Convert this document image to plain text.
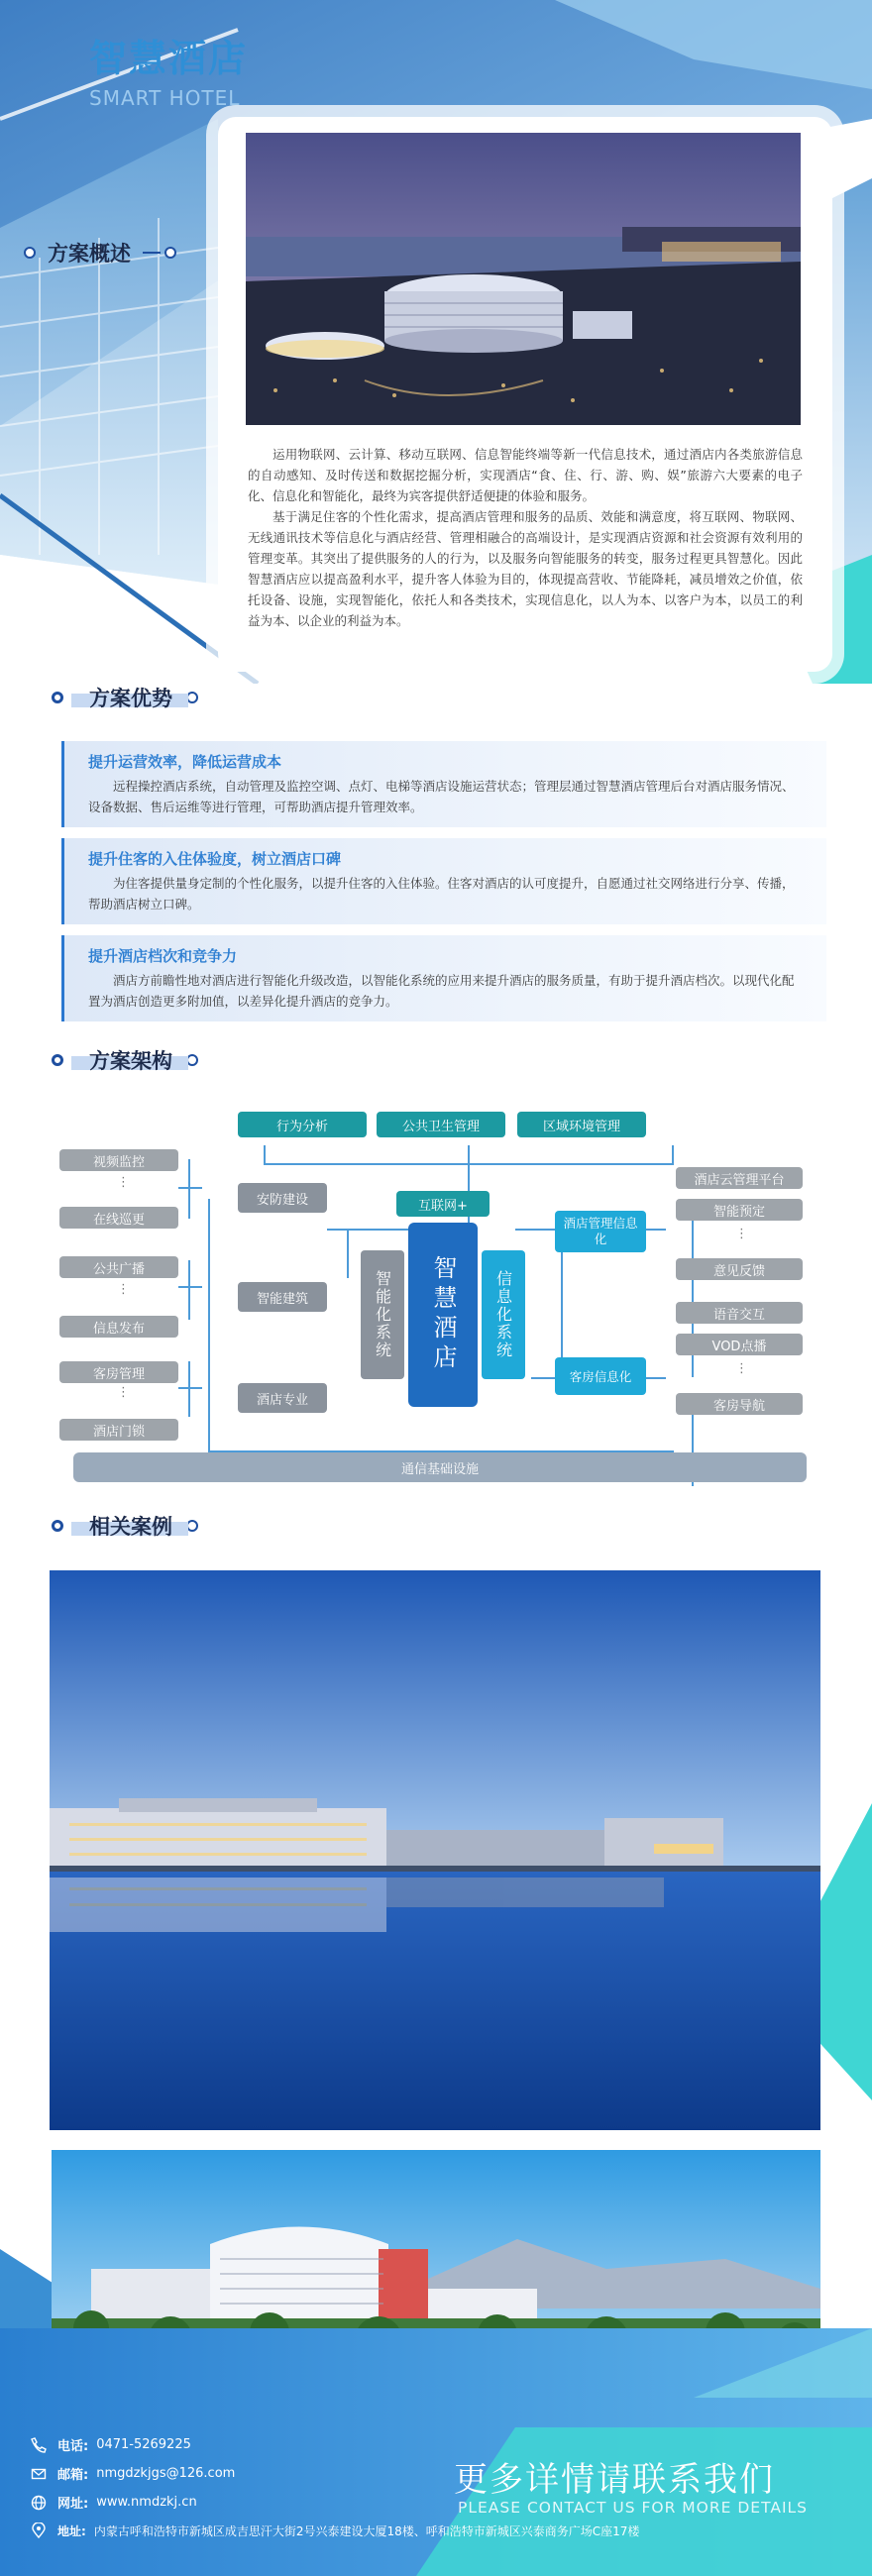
智慧酒店
SMART HOTEL
方案概述

运用物联网、云计算、移动互联网、信息智能终端等新一代信息技术，通过酒店内各类旅游信息的自动感知、及时传送和数据挖掘分析，实现酒店“食、住、行、游、购、娱”旅游六大要素的电子化、信息化和智能化，最终为宾客提供舒适便捷的体验和服务。

基于满足住客的个性化需求，提高酒店管理和服务的品质、效能和满意度，将互联网、物联网、无线通讯技术等信息化与酒店经营、管理相融合的高端设计，是实现酒店资源和社会资源有效利用的管理变革。其突出了提供服务的人的行为，以及服务向智能服务的转变，服务过程更具智慧化。因此智慧酒店应以提高盈利水平，提升客人体验为目的，体现提高营收、节能降耗，减员增效之价值，依托设备、设施，实现智能化，依托人和各类技术，实现信息化，以人为本、以客户为本，以员工的利益为本、以企业的利益为本。

方案优势
提升运营效率，降低运营成本

远程操控酒店系统，自动管理及监控空调、点灯、电梯等酒店设施运营状态；管理层通过智慧酒店管理后台对酒店服务情况、设备数据、售后运维等进行管理，可帮助酒店提升管理效率。

提升住客的入住体验度，树立酒店口碑

为住客提供量身定制的个性化服务，以提升住客的入住体验。住客对酒店的认可度提升，自愿通过社交网络进行分享、传播，帮助酒店树立口碑。

提升酒店档次和竞争力

酒店方前瞻性地对酒店进行智能化升级改造，以智能化系统的应用来提升酒店的服务质量，有助于提升酒店档次。以现代化配置为酒店创造更多附加值，以差异化提升酒店的竞争力。

方案架构
行为分析	公共卫生管理	区域环境管理
互联网+
智慧酒店
智能化系统	信息化系统
安防建设
智能建筑
酒店专业
视频监控
⋮
在线巡更
公共广播
⋮
信息发布
客房管理
⋮
酒店门锁
酒店管理信息化
客房信息化
酒店云管理平台
智能预定
⋮
意见反馈
语音交互
VOD点播
⋮
客房导航
通信基础设施
相关案例
电话: 0471-5269225
邮箱: nmgdzkjgs@126.com
网址: www.nmdzkj.cn
地址: 内蒙古呼和浩特市新城区成吉思汗大街2号兴泰建设大厦18楼、呼和浩特市新城区兴泰商务广场C座17楼
更多详情请联系我们
PLEASE CONTACT US FOR MORE DETAILS
